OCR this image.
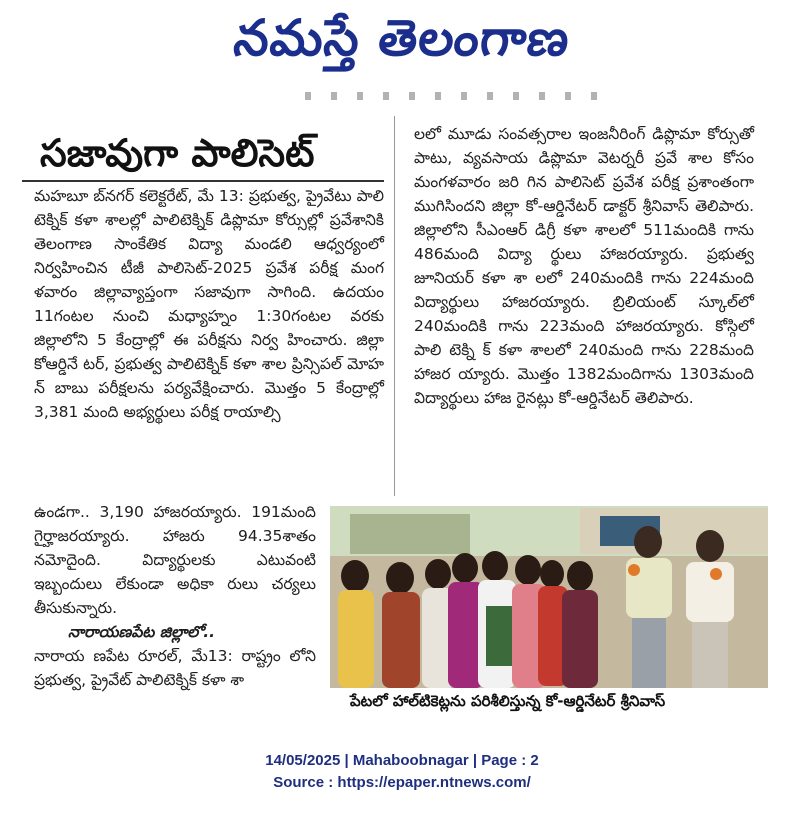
నమస్తే తెలంగాణ
సజావుగా పాలిసెట్

మహబూ బ్‌నగర్ కలెక్టరేట్, మే 13: ప్రభుత్వ, ప్రైవేటు పాలి టెక్నిక్ కళా శాలల్లో పాలిటెక్నిక్ డిప్లొమా కోర్సుల్లో ప్రవేశానికి తెలంగాణ సాంకేతిక విద్యా మండలి ఆధ్వర్యంలో నిర్వహించిన టీజీ పాలిసెట్-2025 ప్రవేశ పరీక్ష మంగ ళవారం జిల్లావ్యాప్తంగా సజావుగా సాగింది. ఉదయం 11గంటల నుంచి మధ్యాహ్నం 1:30గంటల వరకు జిల్లాలోని 5 కేంద్రాల్లో ఈ పరీక్షను నిర్వ హించారు. జిల్లా కోఆర్డినే టర్, ప్రభుత్వ పాలిటెక్నిక్ కళా శాల ప్రిన్సిపల్ మోహ న్ బాబు పరీక్షలను పర్యవేక్షించారు. మొత్తం 5 కేంద్రాల్లో 3,381 మంది అభ్యర్థులు పరీక్ష రాయాల్సి

లలో మూడు సంవత్సరాల ఇంజనీరింగ్ డిప్లొమా కోర్సుతో పాటు, వ్యవసాయ డిప్లొమా వెటర్నరీ ప్రవే శాల కోసం మంగళవారం జరి గిన పాలిసెట్ ప్రవేశ పరీక్ష ప్రశాంతంగా ముగిసిందని జిల్లా కో-ఆర్డినేటర్ డాక్టర్ శ్రీనివాస్ తెలిపారు. జిల్లాలోని సీఎంఆర్ డిగ్రీ కళా శాలలో 511మందికి గాను 486మంది విద్యా ర్థులు హాజరయ్యారు. ప్రభుత్వ జూనియర్ కళా శా లలో 240మందికి గాను 224మంది విద్యార్థులు హాజరయ్యారు. బ్రిలియంట్ స్కూల్‌లో 240మందికి గాను 223మంది హాజరయ్యారు. కోస్గిలో పాలి టెక్ని క్ కళా శాలలో 240మంది గాను 228మంది హాజర య్యారు. మొత్తం 1382మందిగాను 1303మంది విద్యార్థులు హాజ రైనట్లు కో-ఆర్డినేటర్ తెలిపారు.

ఉండగా.. 3,190 హాజరయ్యారు. 191మంది గైర్హాజరయ్యారు. హాజరు 94.35శాతం నమోదైంది. విద్యార్థులకు ఎటువంటి ఇబ్బందులు లేకుండా అధికా రులు చర్యలు తీసుకున్నారు.

నారాయణపేట జిల్లాలో..

నారాయ ణపేట రూరల్, మే13: రాష్ట్రం లోని ప్రభుత్వ, ప్రైవేట్ పాలిటెక్నిక్ కళా శా

పేటలో హాల్‌టికెట్లను పరిశీలిస్తున్న కో-ఆర్డినేటర్ శ్రీనివాస్
14/05/2025 | Mahaboobnagar | Page : 2
Source : https://epaper.ntnews.com/
